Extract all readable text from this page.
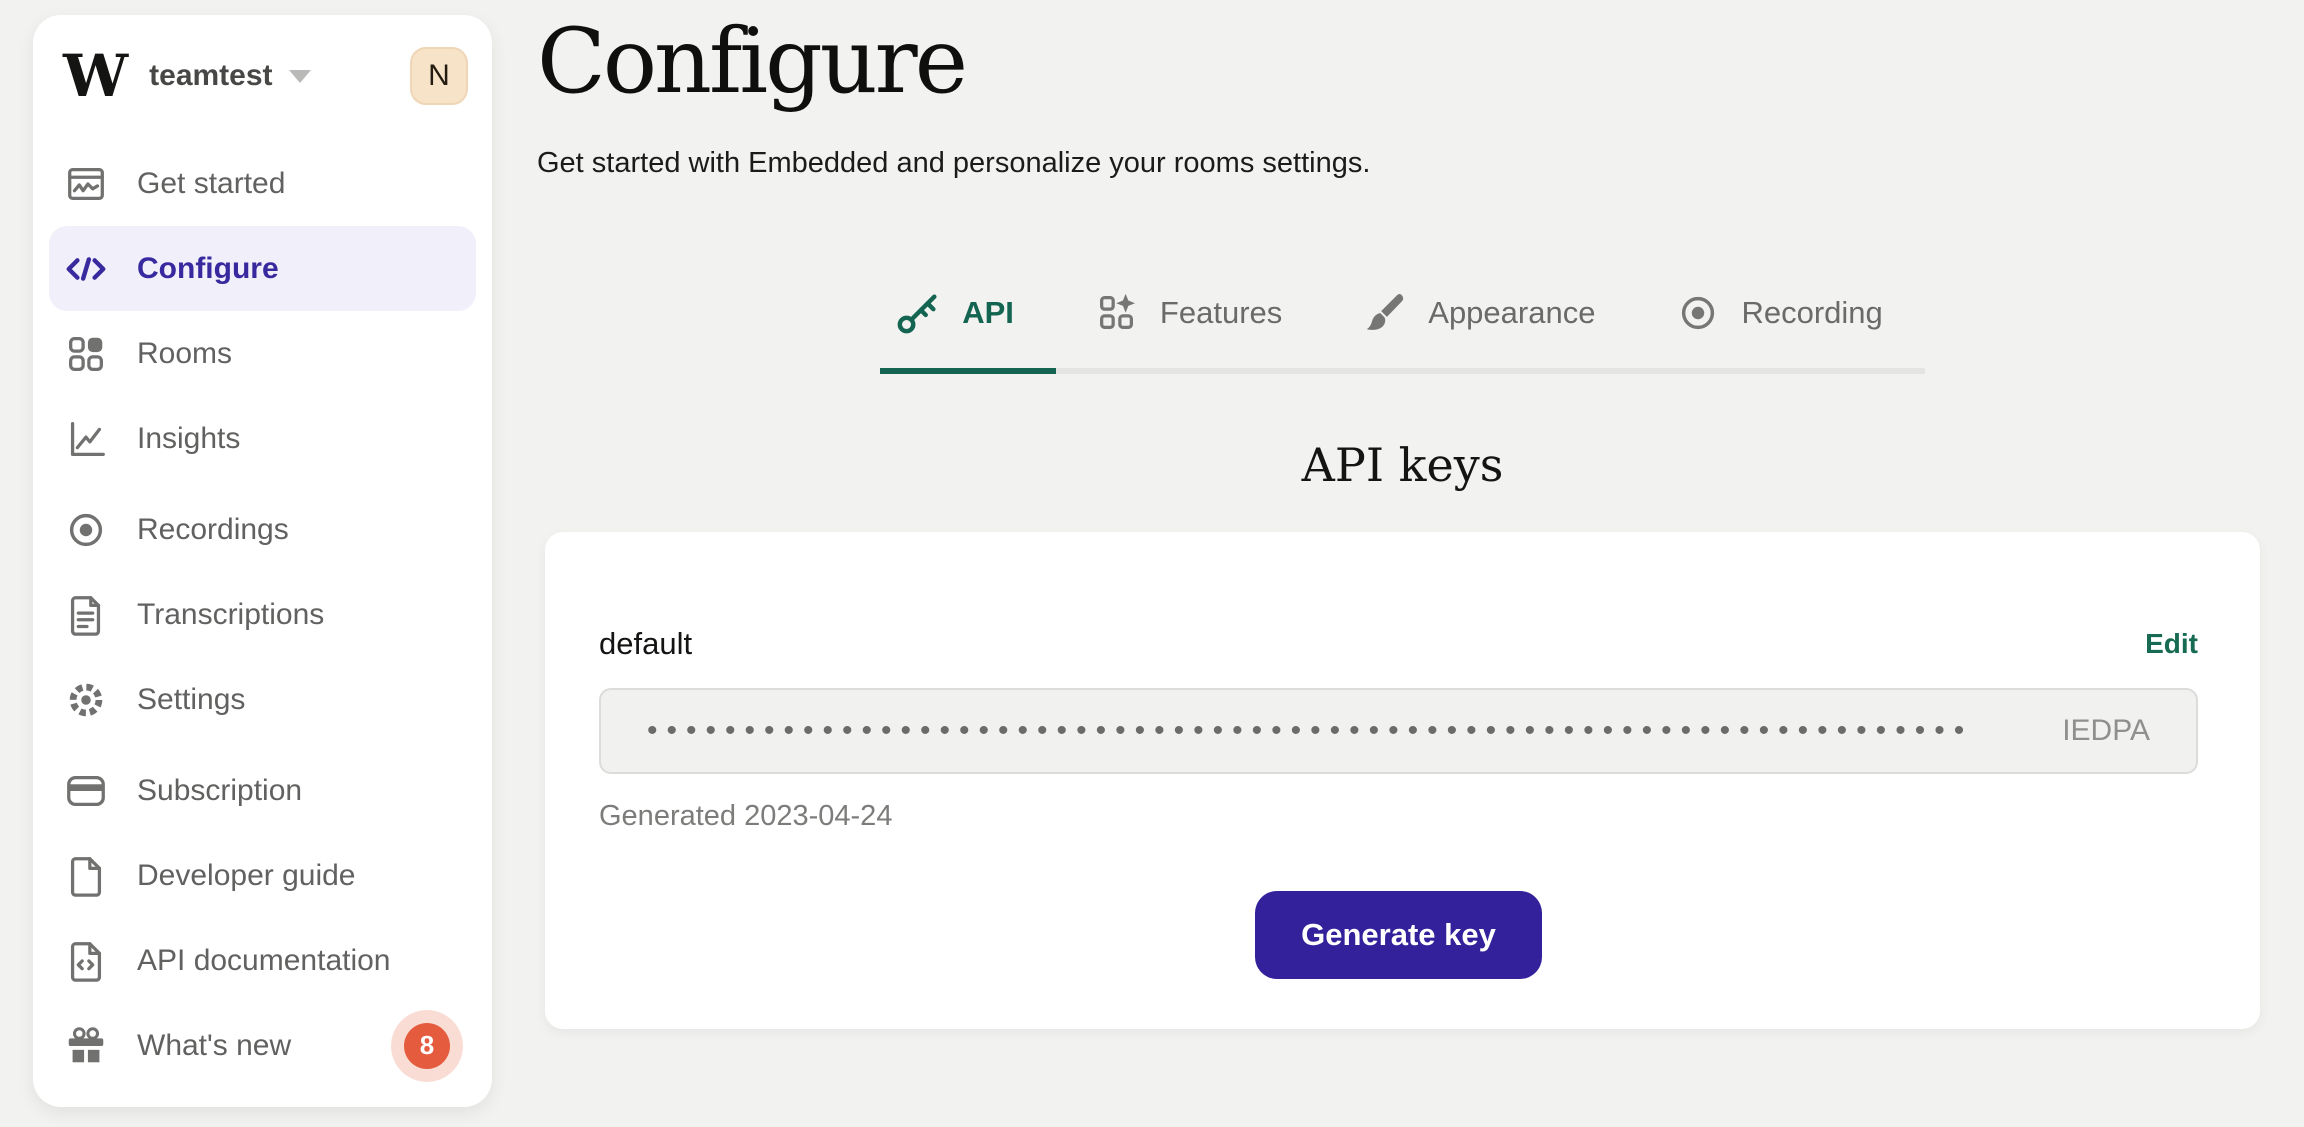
W teamtest	N
Get started
Configure
Rooms
Insights
Recordings
Transcriptions
Settings
Subscription
Developer guide
API documentation
What's new	8
Configure
Get started with Embedded and personalize your rooms settings.
API	Features	Appearance	Recording
API keys
default	Edit
••••••••••••••••••••••••••••••••••••••••••••••••••••••••••••••••••••	IEDPA
Generated 2023-04-24
Generate key
